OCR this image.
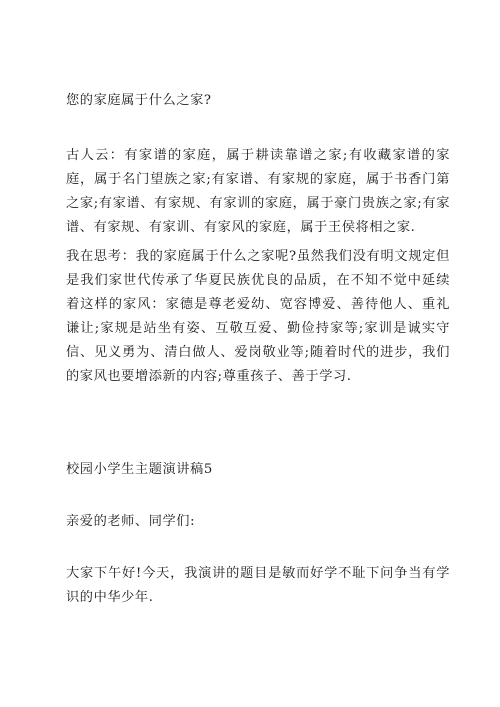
您的家庭属于什么之家?

古人云：有家谱的家庭，属于耕读靠谱之家;有收藏家谱的家庭，属于名门望族之家;有家谱、有家规的家庭，属于书香门第之家;有家谱、有家规、有家训的家庭，属于豪门贵族之家;有家谱、有家规、有家训、有家风的家庭，属于王侯将相之家.

我在思考：我的家庭属于什么之家呢?虽然我们没有明文规定但是我们家世代传承了华夏民族优良的品质，在不知不觉中延续着这样的家风：家德是尊老爱幼、宽容博爱、善待他人、重礼谦让;家规是站坐有姿、互敬互爱、勤俭持家等;家训是诚实守信、见义勇为、清白做人、爱岗敬业等;随着时代的进步，我们的家风也要增添新的内容;尊重孩子、善于学习.

校园小学生主题演讲稿5

亲爱的老师、同学们:

大家下午好!今天，我演讲的题目是敏而好学不耻下问争当有学识的中华少年.
